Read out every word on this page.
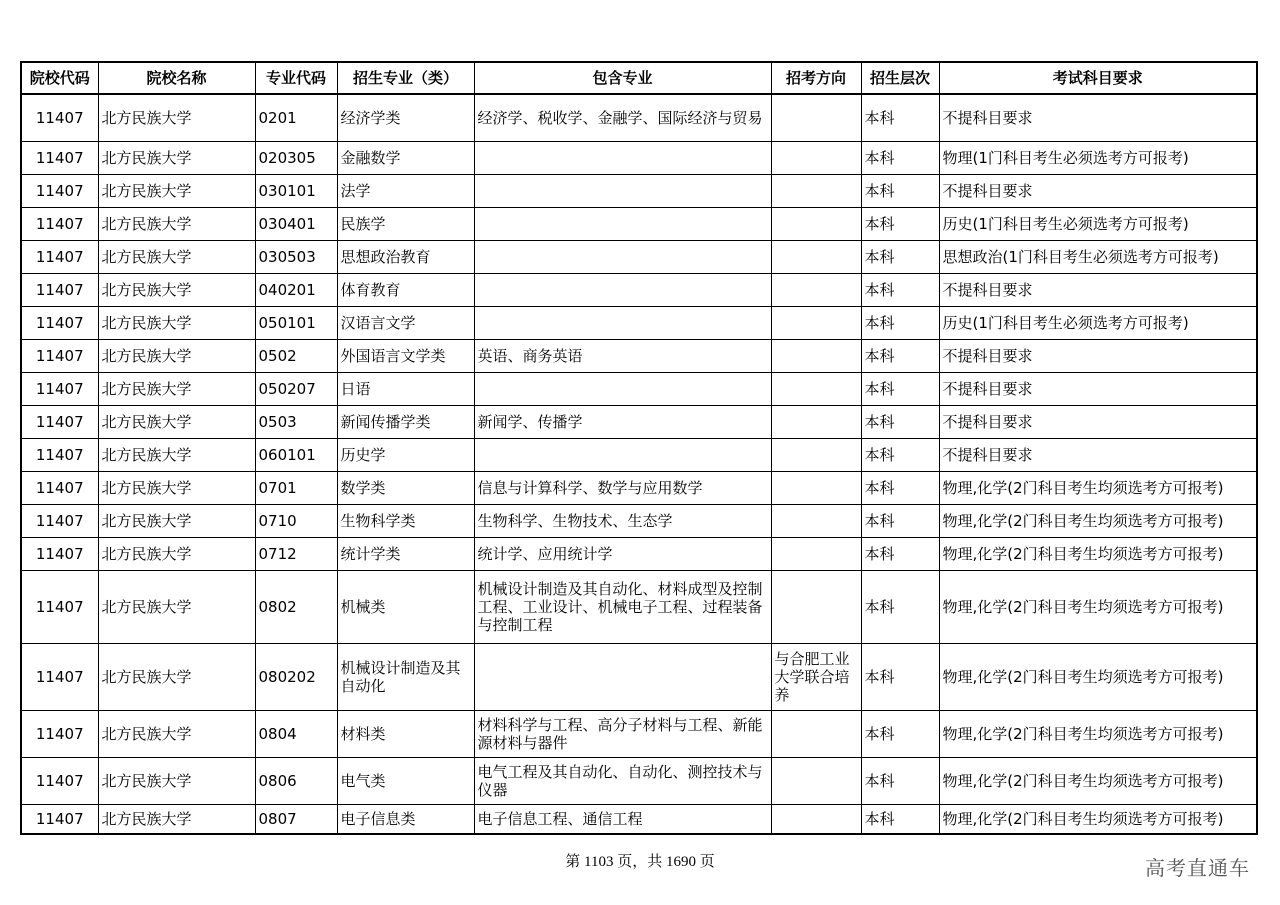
院校代码	院校名称	专业代码	招生专业（类）	包含专业	招考方向	招生层次	考试科目要求
11407	北方民族大学	0201	经济学类	经济学、税收学、金融学、国际经济与贸易		本科	不提科目要求
11407	北方民族大学	020305	金融数学			本科	物理(1门科目考生必须选考方可报考)
11407	北方民族大学	030101	法学			本科	不提科目要求
11407	北方民族大学	030401	民族学			本科	历史(1门科目考生必须选考方可报考)
11407	北方民族大学	030503	思想政治教育			本科	思想政治(1门科目考生必须选考方可报考)
11407	北方民族大学	040201	体育教育			本科	不提科目要求
11407	北方民族大学	050101	汉语言文学			本科	历史(1门科目考生必须选考方可报考)
11407	北方民族大学	0502	外国语言文学类	英语、商务英语		本科	不提科目要求
11407	北方民族大学	050207	日语			本科	不提科目要求
11407	北方民族大学	0503	新闻传播学类	新闻学、传播学		本科	不提科目要求
11407	北方民族大学	060101	历史学			本科	不提科目要求
11407	北方民族大学	0701	数学类	信息与计算科学、数学与应用数学		本科	物理,化学(2门科目考生均须选考方可报考)
11407	北方民族大学	0710	生物科学类	生物科学、生物技术、生态学		本科	物理,化学(2门科目考生均须选考方可报考)
11407	北方民族大学	0712	统计学类	统计学、应用统计学		本科	物理,化学(2门科目考生均须选考方可报考)
11407	北方民族大学	0802	机械类	机械设计制造及其自动化、材料成型及控制工程、工业设计、机械电子工程、过程装备与控制工程		本科	物理,化学(2门科目考生均须选考方可报考)
11407	北方民族大学	080202	机械设计制造及其自动化		与合肥工业大学联合培养	本科	物理,化学(2门科目考生均须选考方可报考)
11407	北方民族大学	0804	材料类	材料科学与工程、高分子材料与工程、新能源材料与器件		本科	物理,化学(2门科目考生均须选考方可报考)
11407	北方民族大学	0806	电气类	电气工程及其自动化、自动化、测控技术与仪器		本科	物理,化学(2门科目考生均须选考方可报考)
11407	北方民族大学	0807	电子信息类	电子信息工程、通信工程		本科	物理,化学(2门科目考生均须选考方可报考)
第 1103 页，共 1690 页	高考直通车
